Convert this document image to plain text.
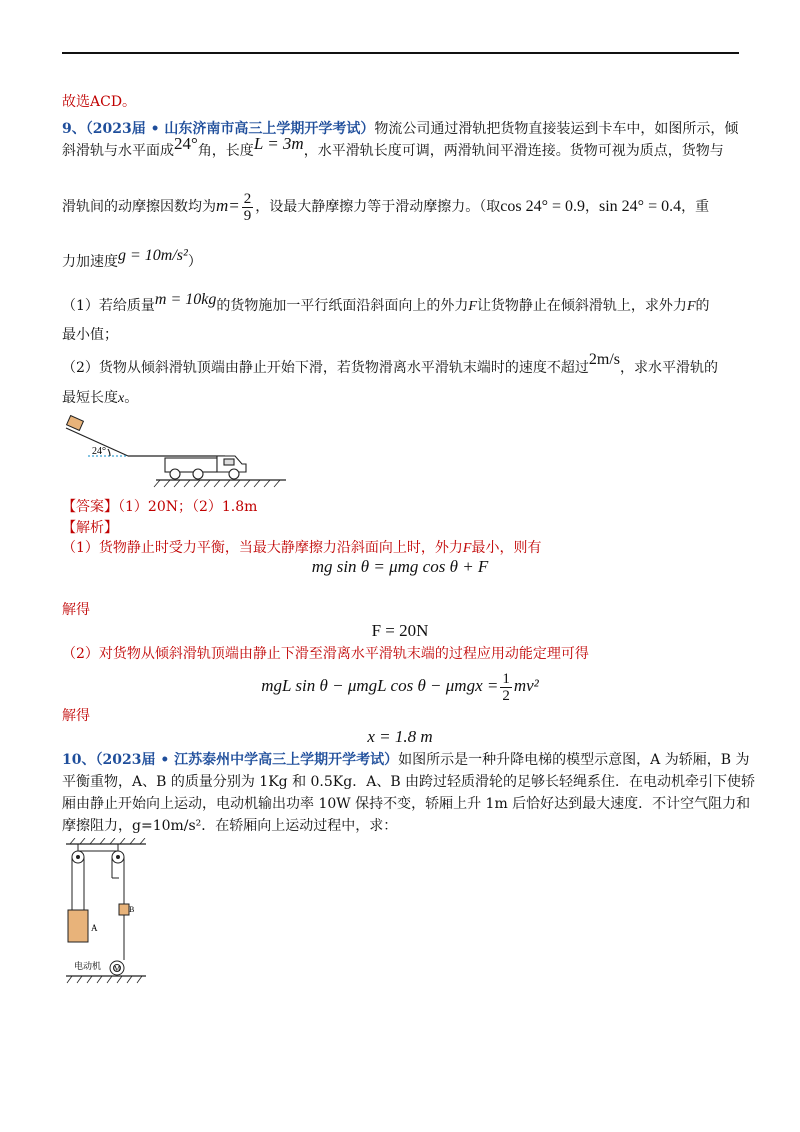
故选ACD。
9、（2023届 • 山东济南市高三上学期开学考试）物流公司通过滑轨把货物直接装运到卡车中，如图所示，倾
斜滑轨与水平面成24°角，长度L = 3m，水平滑轨长度可调，两滑轨间平滑连接。货物可视为质点，货物与
滑轨间的动摩擦因数均为$m= \frac{2}{9}$ ，设最大静摩擦力等于滑动摩擦力。（取cos 24° = 0.9，sin 24° = 0.4，重
力加速度g = 10m/s²）
（1）若给质量m = 10kg的货物施加一平行纸面沿斜面向上的外力F让货物静止在倾斜滑轨上，求外力F的
最小值；
（2）货物从倾斜滑轨顶端由静止开始下滑，若货物滑离水平滑轨末端时的速度不超过2m/s，求水平滑轨的
最短长度x。
24°
【答案】（1）20N；（2）1.8m
【解析】
（1）货物静止时受力平衡，当最大静摩擦力沿斜面向上时，外力F最小，则有
mg sin θ = μmg cos θ + F
解得
F = 20N
（2）对货物从倾斜滑轨顶端由静止下滑至滑离水平滑轨末端的过程应用动能定理可得
mgL sin θ − μmgL $\cos \theta - \mu mgx = \frac{1}{2} mv^2$
解得
x = 1.8 m
10、（2023届 • 江苏泰州中学高三上学期开学考试）如图所示是一种升降电梯的模型示意图，A 为轿厢，B 为
平衡重物，A、B 的质量分别为 1Kg 和 0.5Kg．A、B 由跨过轻质滑轮的足够长轻绳系住．在电动机牵引下使轿
厢由静止开始向上运动，电动机输出功率 10W 保持不变，轿厢上升 1m 后恰好达到最大速度．不计空气阻力和
摩擦阻力，g=10m/s²．在轿厢向上运动过程中，求：
A
B
M
电动机
